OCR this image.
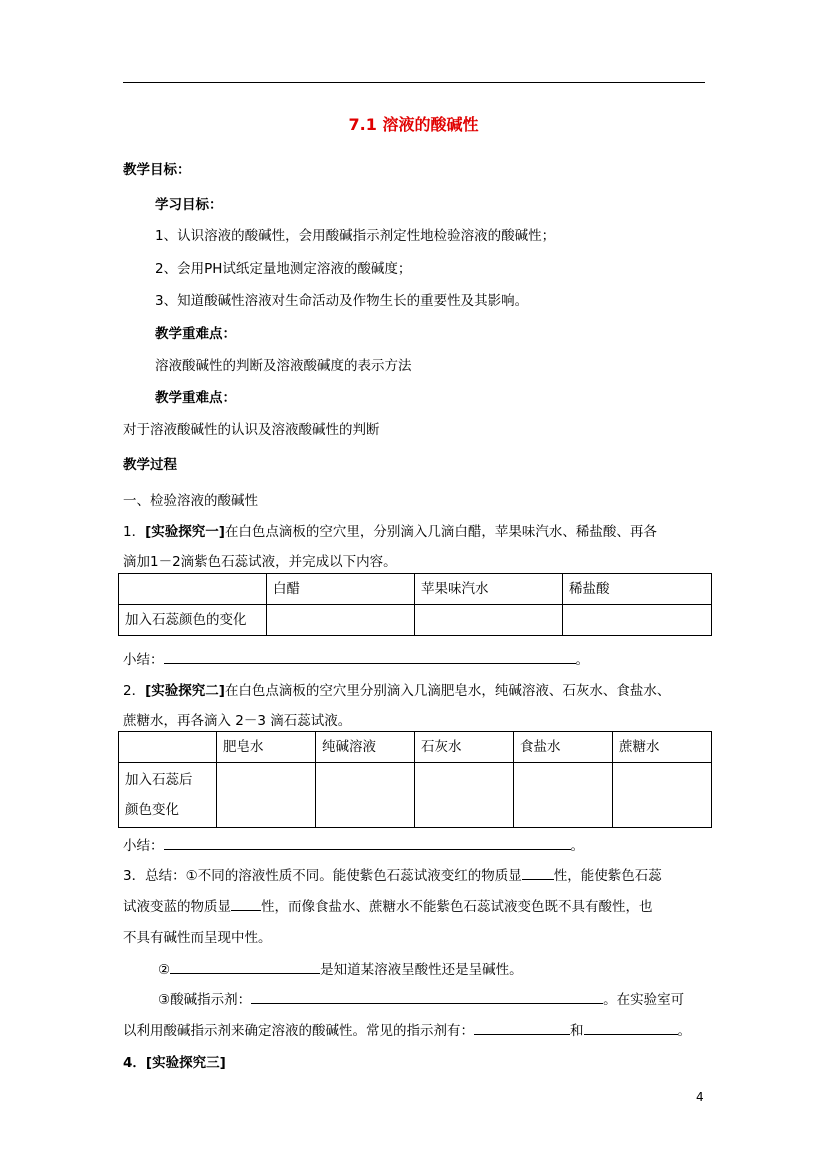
7.1 溶液的酸碱性
教学目标：
学习目标：
1、认识溶液的酸碱性，会用酸碱指示剂定性地检验溶液的酸碱性；
2、会用PH试纸定量地测定溶液的酸碱度；
3、知道酸碱性溶液对生命活动及作物生长的重要性及其影响。
教学重难点：
溶液酸碱性的判断及溶液酸碱度的表示方法
教学重难点：
对于溶液酸碱性的认识及溶液酸碱性的判断
教学过程
一、检验溶液的酸碱性
1．[实验探究一]在白色点滴板的空穴里，分别滴入几滴白醋，苹果味汽水、稀盐酸、再各
滴加1－2滴紫色石蕊试液，并完成以下内容。
	白醋	苹果味汽水	稀盐酸
加入石蕊颜色的变化			
小结：	。
2．[实验探究二]在白色点滴板的空穴里分别滴入几滴肥皂水，纯碱溶液、石灰水、食盐水、
蔗糖水，再各滴入 2－3 滴石蕊试液。
	肥皂水	纯碱溶液	石灰水	食盐水	蔗糖水

加入石蕊后
颜色变化					

小结：	。
3．总结：①不同的溶液性质不同。能使紫色石蕊试液变红的物质显 性，能使紫色石蕊
试液变蓝的物质显 性，而像食盐水、蔗糖水不能紫色石蕊试液变色既不具有酸性，也
不具有碱性而呈现中性。
②	是知道某溶液呈酸性还是呈碱性。
③酸碱指示剂：	。在实验室可
以利用酸碱指示剂来确定溶液的酸碱性。常见的指示剂有：	和	。
4．[实验探究三]
4
